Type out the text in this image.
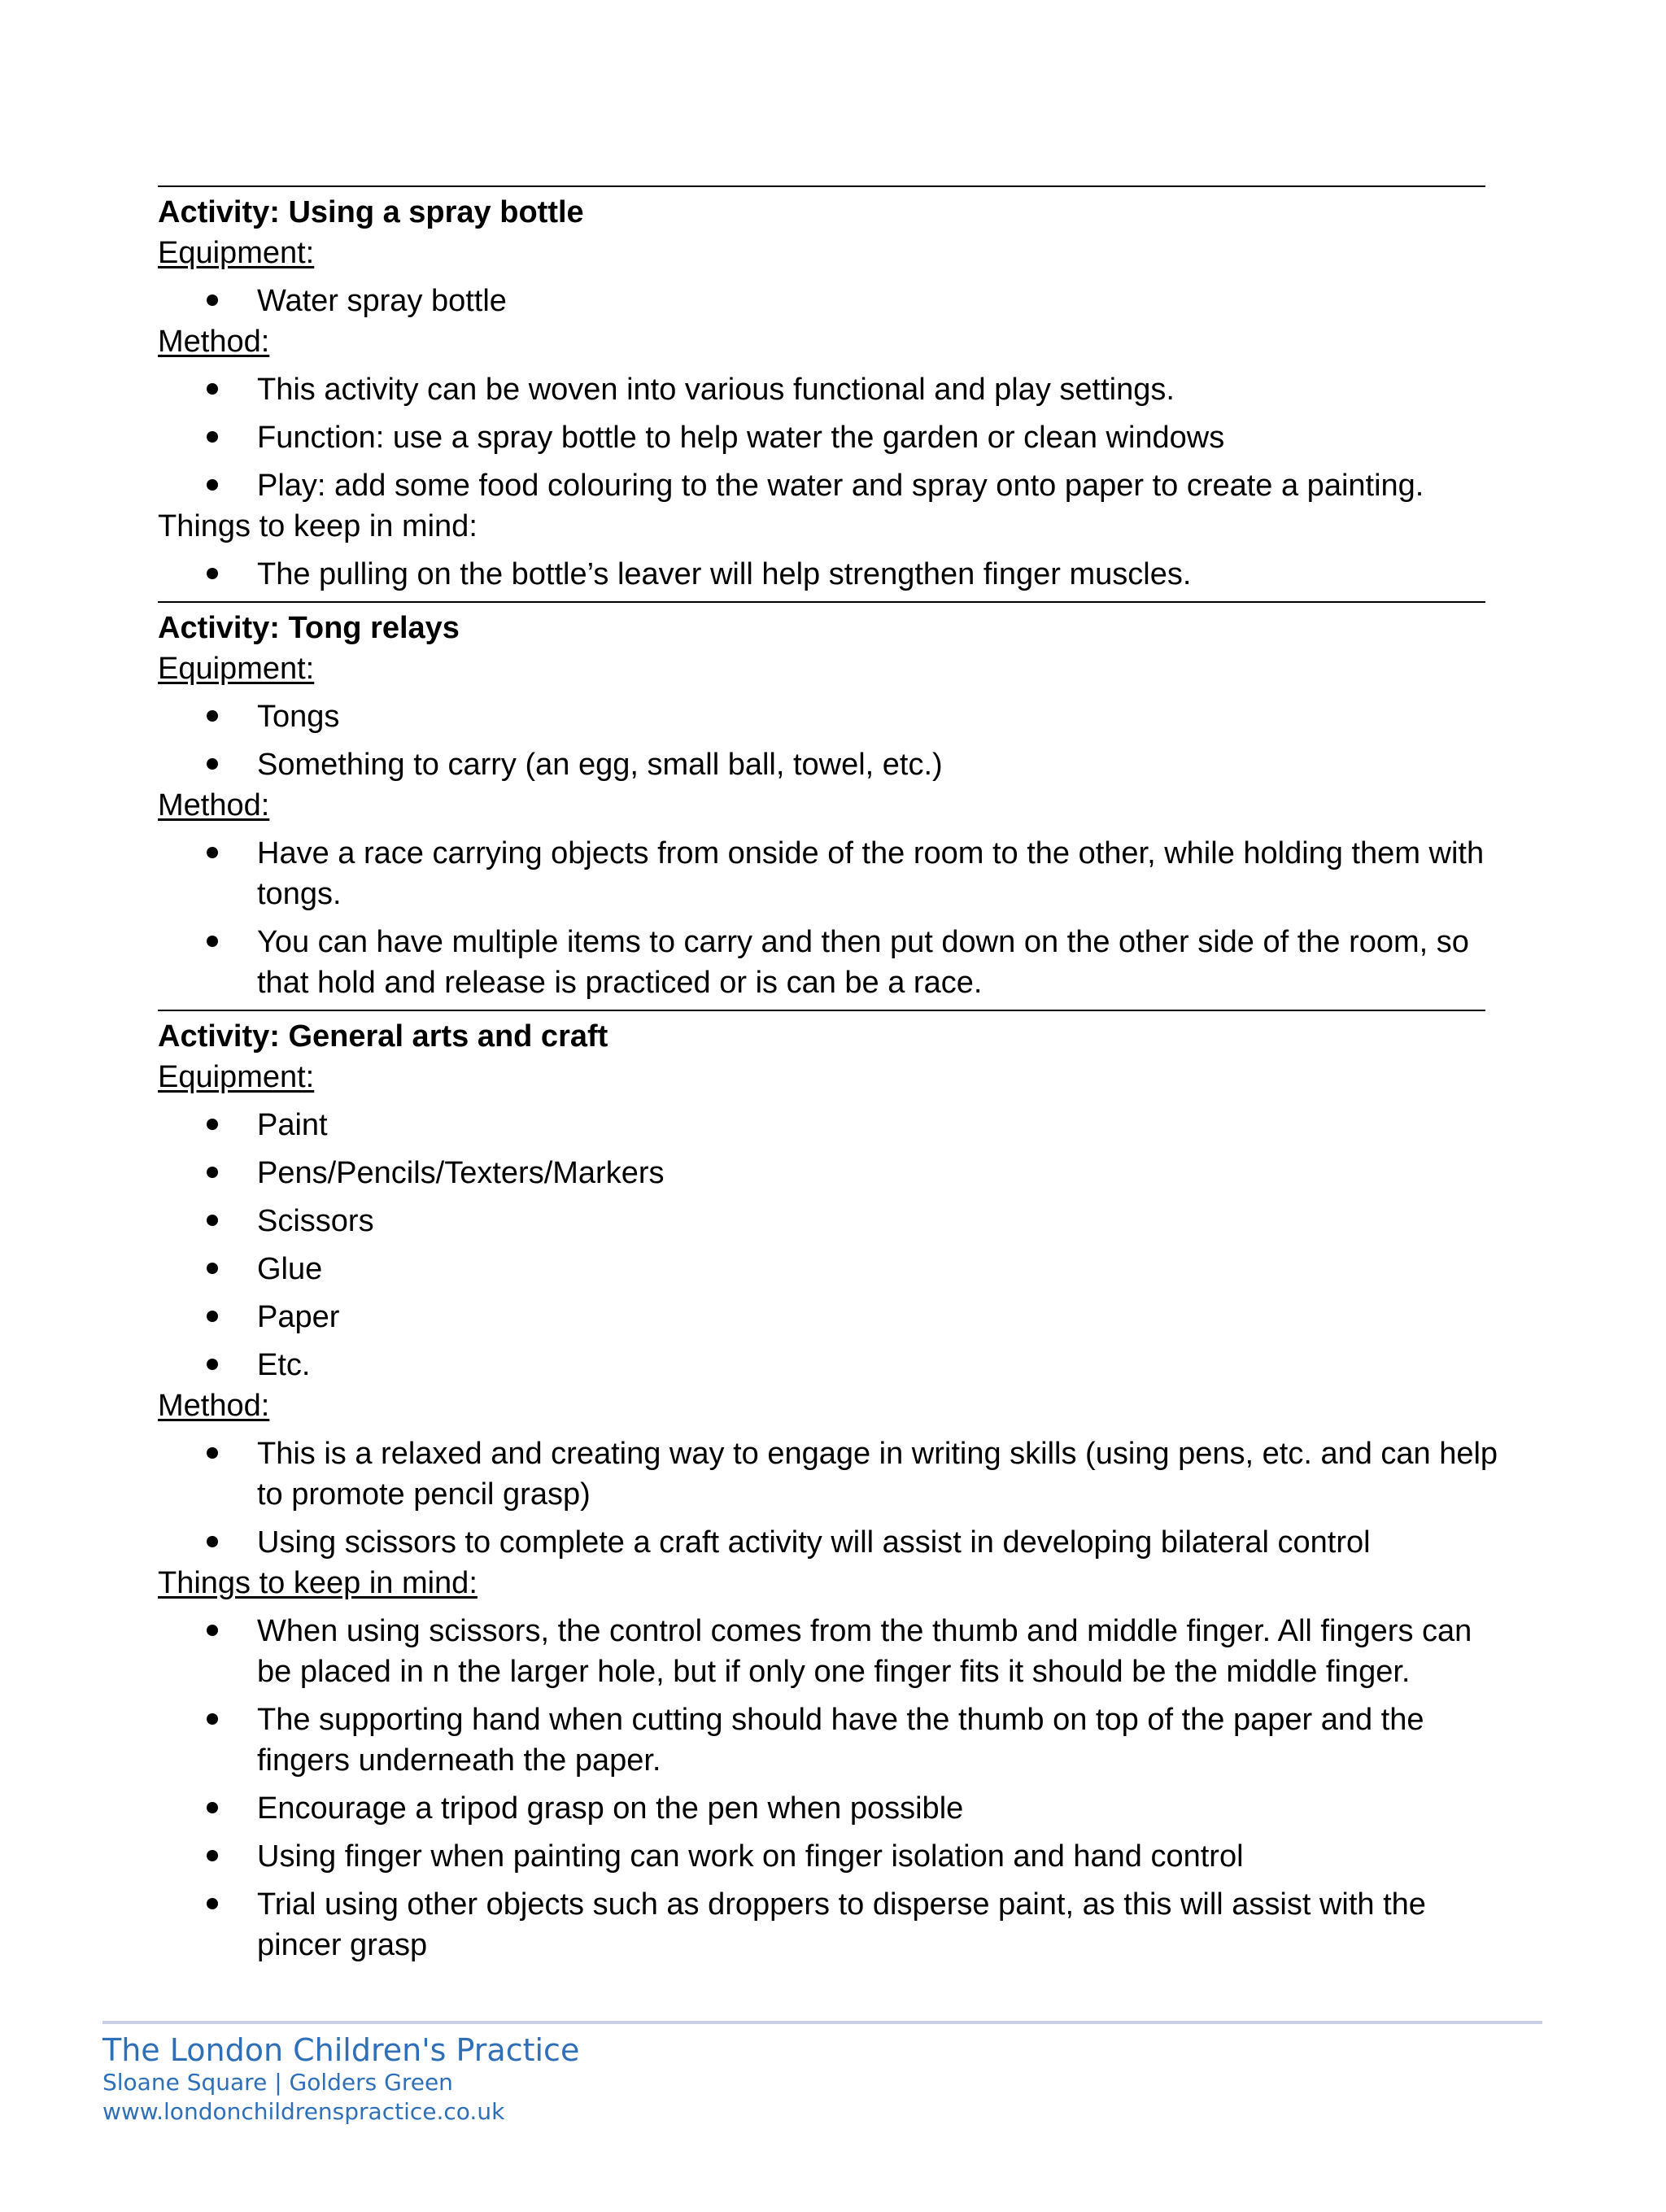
Activity: Using a spray bottle
Equipment:
Water spray bottle
Method:
This activity can be woven into various functional and play settings.
Function: use a spray bottle to help water the garden or clean windows
Play: add some food colouring to the water and spray onto paper to create a painting.
Things to keep in mind:
The pulling on the bottle’s leaver will help strengthen finger muscles.
Activity: Tong relays
Equipment:
Tongs
Something to carry (an egg, small ball, towel, etc.)
Method:
Have a race carrying objects from onside of the room to the other, while holding them with tongs.
You can have multiple items to carry and then put down on the other side of the room, so that hold and release is practiced or is can be a race.
Activity: General arts and craft
Equipment:
Paint
Pens/Pencils/Texters/Markers
Scissors
Glue
Paper
Etc.
Method:
This is a relaxed and creating way to engage in writing skills (using pens, etc. and can help to promote pencil grasp)
Using scissors to complete a craft activity will assist in developing bilateral control
Things to keep in mind:
When using scissors, the control comes from the thumb and middle finger. All fingers can be placed in n the larger hole, but if only one finger fits it should be the middle finger.
The supporting hand when cutting should have the thumb on top of the paper and the fingers underneath the paper.
Encourage a tripod grasp on the pen when possible
Using finger when painting can work on finger isolation and hand control
Trial using other objects such as droppers to disperse paint, as this will assist with the pincer grasp
The London Children's Practice
Sloane Square | Golders Green
www.londonchildrenspractice.co.uk
